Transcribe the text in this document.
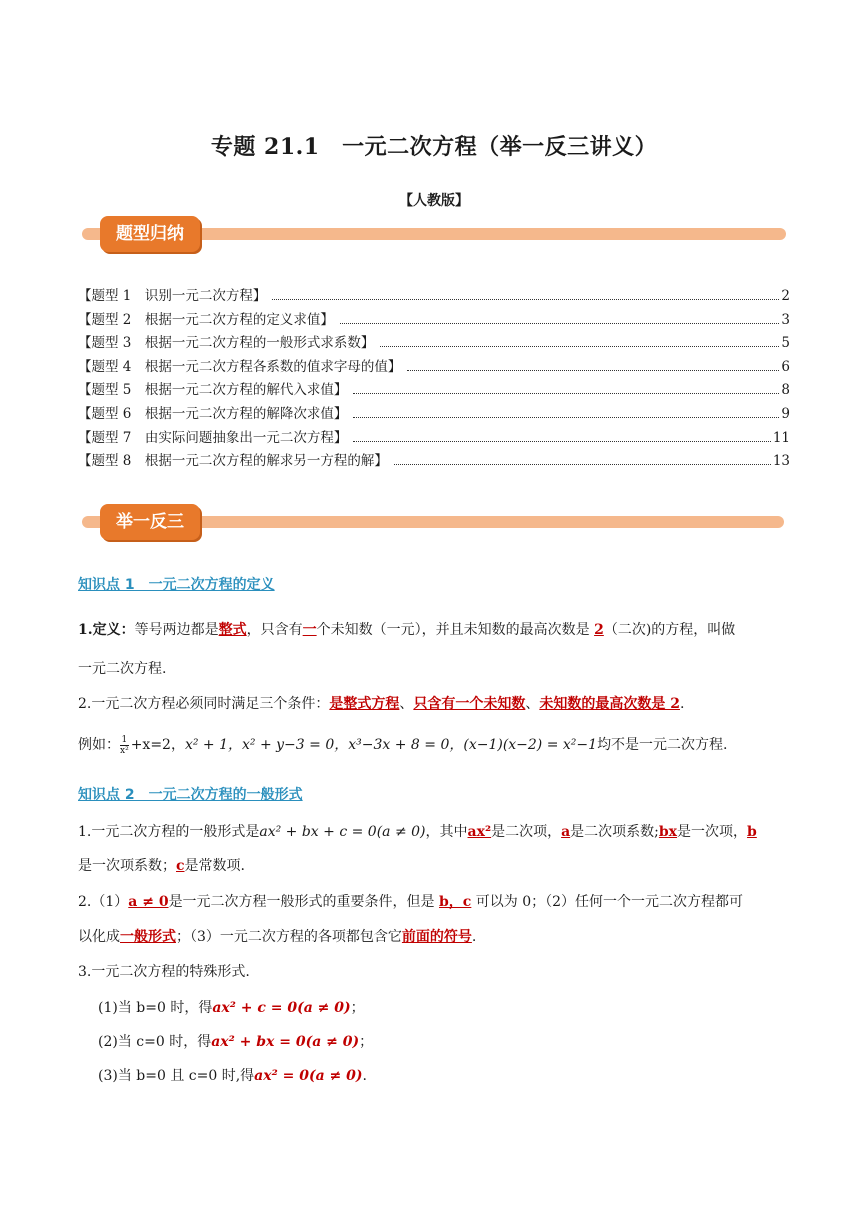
专题 21.1　一元二次方程（举一反三讲义）
【人教版】
题型归纳
【题型 1　识别一元二次方程】	2
【题型 2　根据一元二次方程的定义求值】	3
【题型 3　根据一元二次方程的一般形式求系数】	5
【题型 4　根据一元二次方程各系数的值求字母的值】	6
【题型 5　根据一元二次方程的解代入求值】	8
【题型 6　根据一元二次方程的解降次求值】	9
【题型 7　由实际问题抽象出一元二次方程】	11
【题型 8　根据一元二次方程的解求另一方程的解】	13
举一反三
知识点 1　一元二次方程的定义
1.定义：等号两边都是整式，只含有一个未知数（一元），并且未知数的最高次数是 2（二次)的方程，叫做
一元二次方程.
2.一元二次方程必须同时满足三个条件：是整式方程、只含有一个未知数、未知数的最高次数是 2.
例如： $\frac{1}{\text{x²}} +x=2$，x² + 1，x² + y−3 = 0，x³−3x + 8 = 0，(x−1)(x−2) = x²−1均不是一元二次方程.
知识点 2　一元二次方程的一般形式
1.一元二次方程的一般形式是ax² + bx + c = 0(a ≠ 0)，其中ax²是二次项，a是二次项系数;bx是一次项，b
是一次项系数；c是常数项.
2.（1）a ≠ 0是一元二次方程一般形式的重要条件，但是 b，c 可以为 0；（2）任何一个一元二次方程都可
以化成一般形式；（3）一元二次方程的各项都包含它前面的符号.
3.一元二次方程的特殊形式.
(1)当 b=0 时，得ax² + c = 0(a ≠ 0)；
(2)当 c=0 时，得ax² + bx = 0(a ≠ 0)；
(3)当 b=0 且 c=0 时,得ax² = 0(a ≠ 0).
